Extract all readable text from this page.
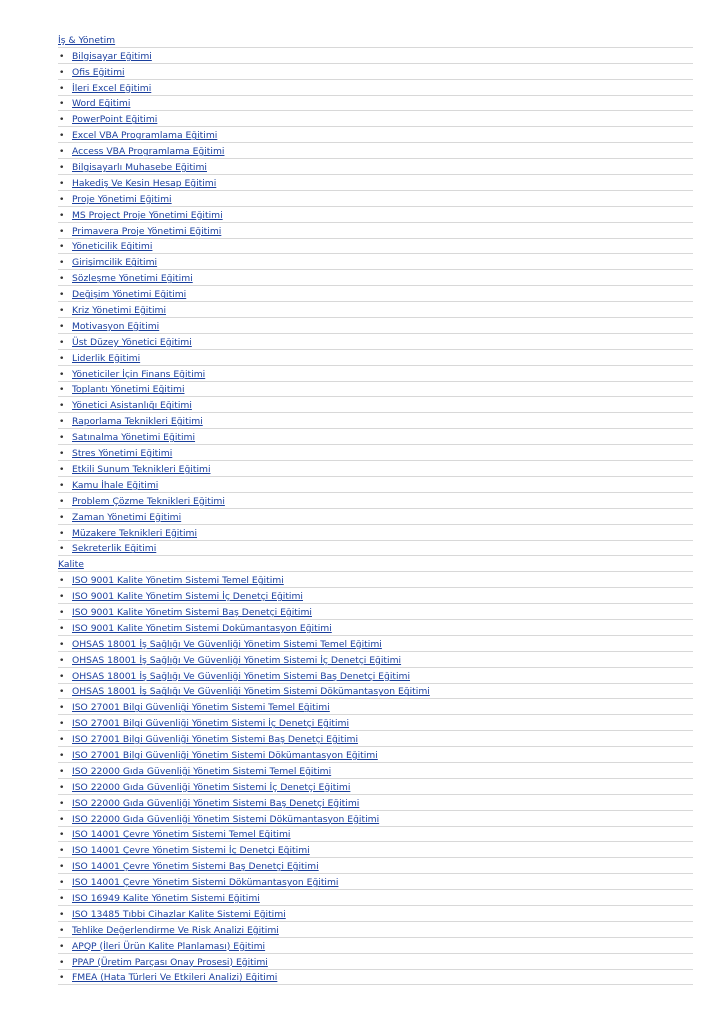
İş & Yönetim
• Bilgisayar Eğitimi
• Ofis Eğitimi
• İleri Excel Eğitimi
• Word Eğitimi
• PowerPoint Eğitimi
• Excel VBA Programlama Eğitimi
• Access VBA Programlama Eğitimi
• Bilgisayarlı Muhasebe Eğitimi
• Hakediş Ve Kesin Hesap Eğitimi
• Proje Yönetimi Eğitimi
• MS Project Proje Yönetimi Eğitimi
• Primavera Proje Yönetimi Eğitimi
• Yöneticilik Eğitimi
• Girişimcilik Eğitimi
• Sözleşme Yönetimi Eğitimi
• Değişim Yönetimi Eğitimi
• Kriz Yönetimi Eğitimi
• Motivasyon Eğitimi
• Üst Düzey Yönetici Eğitimi
• Liderlik Eğitimi
• Yöneticiler İçin Finans Eğitimi
• Toplantı Yönetimi Eğitimi
• Yönetici Asistanlığı Eğitimi
• Raporlama Teknikleri Eğitimi
• Satınalma Yönetimi Eğitimi
• Stres Yönetimi Eğitimi
• Etkili Sunum Teknikleri Eğitimi
• Kamu İhale Eğitimi
• Problem Çözme Teknikleri Eğitimi
• Zaman Yönetimi Eğitimi
• Müzakere Teknikleri Eğitimi
• Sekreterlik Eğitimi
Kalite
• ISO 9001 Kalite Yönetim Sistemi Temel Eğitimi
• ISO 9001 Kalite Yönetim Sistemi İç Denetçi Eğitimi
• ISO 9001 Kalite Yönetim Sistemi Baş Denetçi Eğitimi
• ISO 9001 Kalite Yönetim Sistemi Dokümantasyon Eğitimi
• OHSAS 18001 İş Sağlığı Ve Güvenliği Yönetim Sistemi Temel Eğitimi
• OHSAS 18001 İş Sağlığı Ve Güvenliği Yönetim Sistemi İç Denetçi Eğitimi
• OHSAS 18001 İş Sağlığı Ve Güvenliği Yönetim Sistemi Baş Denetçi Eğitimi
• OHSAS 18001 İş Sağlığı Ve Güvenliği Yönetim Sistemi Dökümantasyon Eğitimi
• ISO 27001 Bilgi Güvenliği Yönetim Sistemi Temel Eğitimi
• ISO 27001 Bilgi Güvenliği Yönetim Sistemi İç Denetçi Eğitimi
• ISO 27001 Bilgi Güvenliği Yönetim Sistemi Baş Denetçi Eğitimi
• ISO 27001 Bilgi Güvenliği Yönetim Sistemi Dökümantasyon Eğitimi
• ISO 22000 Gıda Güvenliği Yönetim Sistemi Temel Eğitimi
• ISO 22000 Gıda Güvenliği Yönetim Sistemi İç Denetçi Eğitimi
• ISO 22000 Gıda Güvenliği Yönetim Sistemi Baş Denetçi Eğitimi
• ISO 22000 Gıda Güvenliği Yönetim Sistemi Dökümantasyon Eğitimi
• ISO 14001 Çevre Yönetim Sistemi Temel Eğitimi
• ISO 14001 Çevre Yönetim Sistemi İç Denetçi Eğitimi
• ISO 14001 Çevre Yönetim Sistemi Baş Denetçi Eğitimi
• ISO 14001 Çevre Yönetim Sistemi Dökümantasyon Eğitimi
• ISO 16949 Kalite Yönetim Sistemi Eğitimi
• ISO 13485 Tıbbi Cihazlar Kalite Sistemi Eğitimi
• Tehlike Değerlendirme Ve Risk Analizi Eğitimi
• APQP (İleri Ürün Kalite Planlaması) Eğitimi
• PPAP (Üretim Parçası Onay Prosesi) Eğitimi
• FMEA (Hata Türleri Ve Etkileri Analizi) Eğitimi
